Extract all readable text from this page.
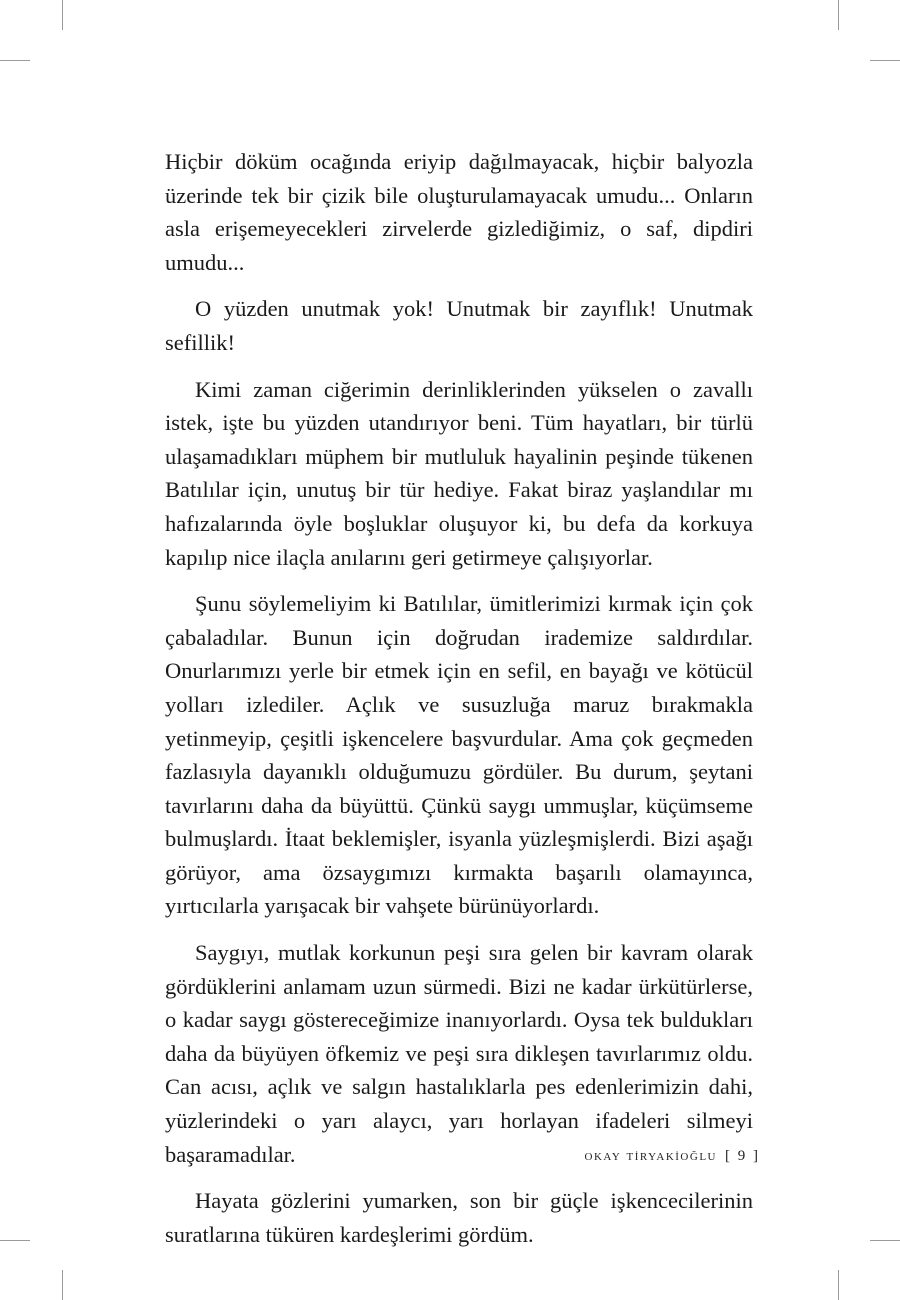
Hiçbir döküm ocağında eriyip dağılmayacak, hiçbir balyozla üzerinde tek bir çizik bile oluşturulamayacak umudu... Onların asla erişemeyecekleri zirvelerde gizlediğimiz, o saf, dipdiri umudu...

O yüzden unutmak yok! Unutmak bir zayıflık! Unutmak sefillik!

Kimi zaman ciğerimin derinliklerinden yükselen o zavallı istek, işte bu yüzden utandırıyor beni. Tüm hayatları, bir türlü ulaşamadıkları müphem bir mutluluk hayalinin peşinde tükenen Batılılar için, unutuş bir tür hediye. Fakat biraz yaşlandılar mı hafızalarında öyle boşluklar oluşuyor ki, bu defa da korkuya kapılıp nice ilaçla anılarını geri getirmeye çalışıyorlar.

Şunu söylemeliyim ki Batılılar, ümitlerimizi kırmak için çok çabaladılar. Bunun için doğrudan irademize saldırdılar. Onurlarımızı yerle bir etmek için en sefil, en bayağı ve kötücül yolları izlediler. Açlık ve susuzluğa maruz bırakmakla yetinmeyip, çeşitli işkencelere başvurdular. Ama çok geçmeden fazlasıyla dayanıklı olduğumuzu gördüler. Bu durum, şeytani tavırlarını daha da büyüttü. Çünkü saygı ummuşlar, küçümseme bulmuşlardı. İtaat beklemişler, isyanla yüzleşmişlerdi. Bizi aşağı görüyor, ama özsaygımızı kırmakta başarılı olamayınca, yırtıcılarla yarışacak bir vahşete bürünüyorlardı.

Saygıyı, mutlak korkunun peşi sıra gelen bir kavram olarak gördüklerini anlamam uzun sürmedi. Bizi ne kadar ürkütürlerse, o kadar saygı göstereceğimize inanıyorlardı. Oysa tek buldukları daha da büyüyen öfkemiz ve peşi sıra dikleşen tavırlarımız oldu. Can acısı, açlık ve salgın hastalıklarla pes edenlerimizin dahi, yüzlerindeki o yarı alaycı, yarı horlayan ifadeleri silmeyi başaramadılar.

Hayata gözlerini yumarken, son bir güçle işkencecilerinin suratlarına tüküren kardeşlerimi gördüm.

okay ti̇ryaki̇oğlu [ 9 ]
